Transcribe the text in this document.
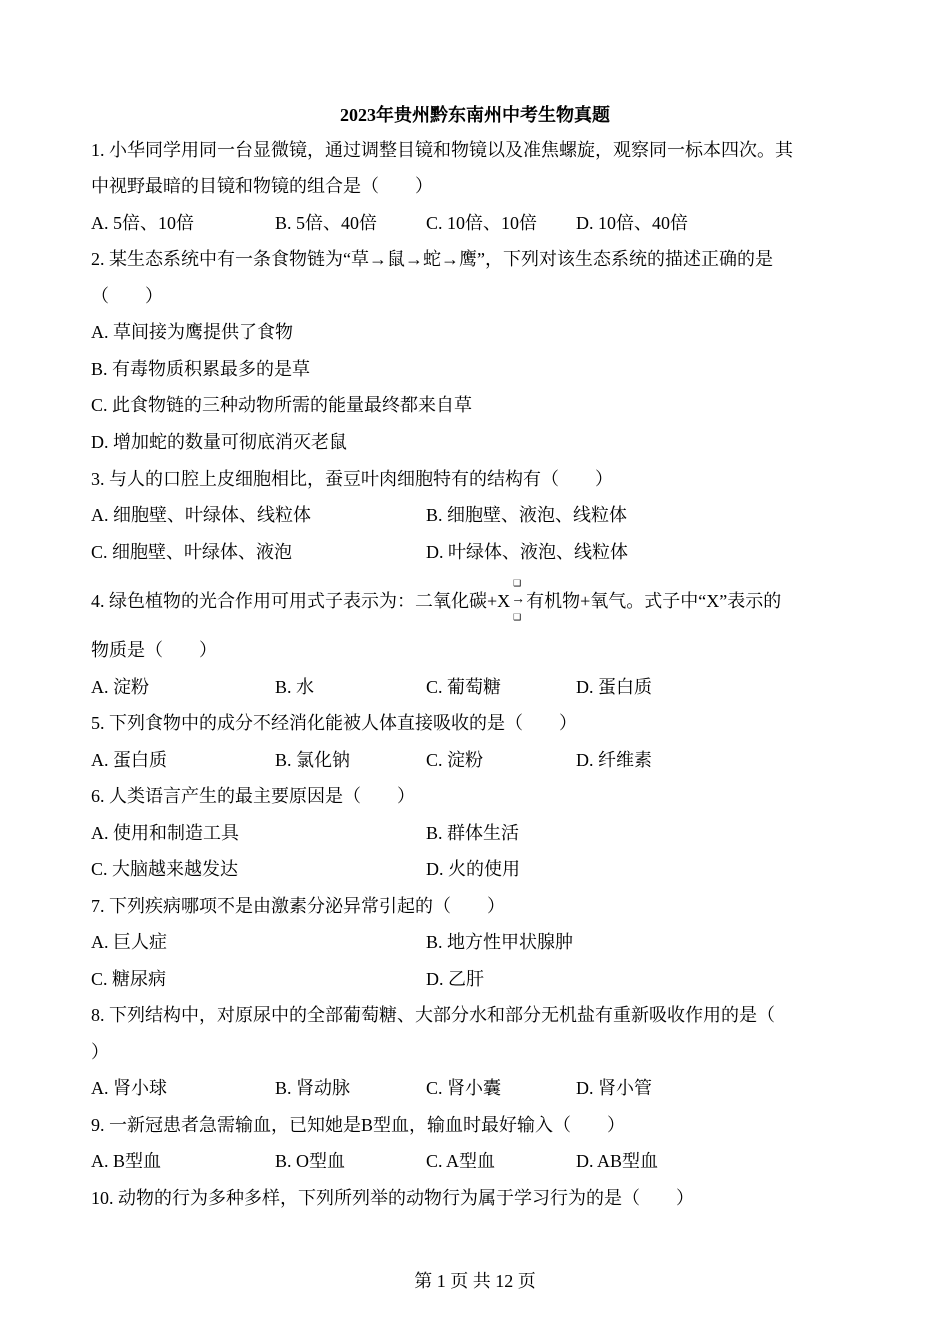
2023年贵州黔东南州中考生物真题
1. 小华同学用同一台显微镜，通过调整目镜和物镜以及准焦螺旋，观察同一标本四次。其
中视野最暗的目镜和物镜的组合是（　　）
A. 5倍、10倍	B. 5倍、40倍	C. 10倍、10倍 D. 10倍、40倍
2. 某生态系统中有一条食物链为“草→鼠→蛇→鹰”，下列对该生态系统的描述正确的是
（　　）
A. 草间接为鹰提供了食物
B. 有毒物质积累最多的是草
C. 此食物链的三种动物所需的能量最终都来自草
D. 增加蛇的数量可彻底消灭老鼠
3. 与人的口腔上皮细胞相比，蚕豆叶肉细胞特有的结构有（　　）
A. 细胞壁、叶绿体、线粒体	B. 细胞壁、液泡、线粒体
C. 细胞壁、叶绿体、液泡	D. 叶绿体、液泡、线粒体
4. 绿色植物的光合作用可用式子表示为：二氧化碳+X
❑
→
❑
有机物+氧气。式子中“X”表示的
物质是（　　）
A. 淀粉	B. 水	C. 葡萄糖	D. 蛋白质
5. 下列食物中的成分不经消化能被人体直接吸收的是（　　）
A. 蛋白质	B. 氯化钠	C. 淀粉	D. 纤维素
6. 人类语言产生的最主要原因是（　　）
A. 使用和制造工具	B. 群体生活
C. 大脑越来越发达	D. 火的使用
7. 下列疾病哪项不是由激素分泌异常引起的（　　）
A. 巨人症	B. 地方性甲状腺肿
C. 糖尿病	D. 乙肝
8. 下列结构中，对原尿中的全部葡萄糖、大部分水和部分无机盐有重新吸收作用的是（
）
A. 肾小球	B. 肾动脉	C. 肾小囊	D. 肾小管
9. 一新冠患者急需输血，已知她是B型血，输血时最好输入（　　）
A. B型血	B. O型血	C. A型血	D. AB型血
10. 动物的行为多种多样，下列所列举的动物行为属于学习行为的是（　　）
第 1 页 共 12 页
